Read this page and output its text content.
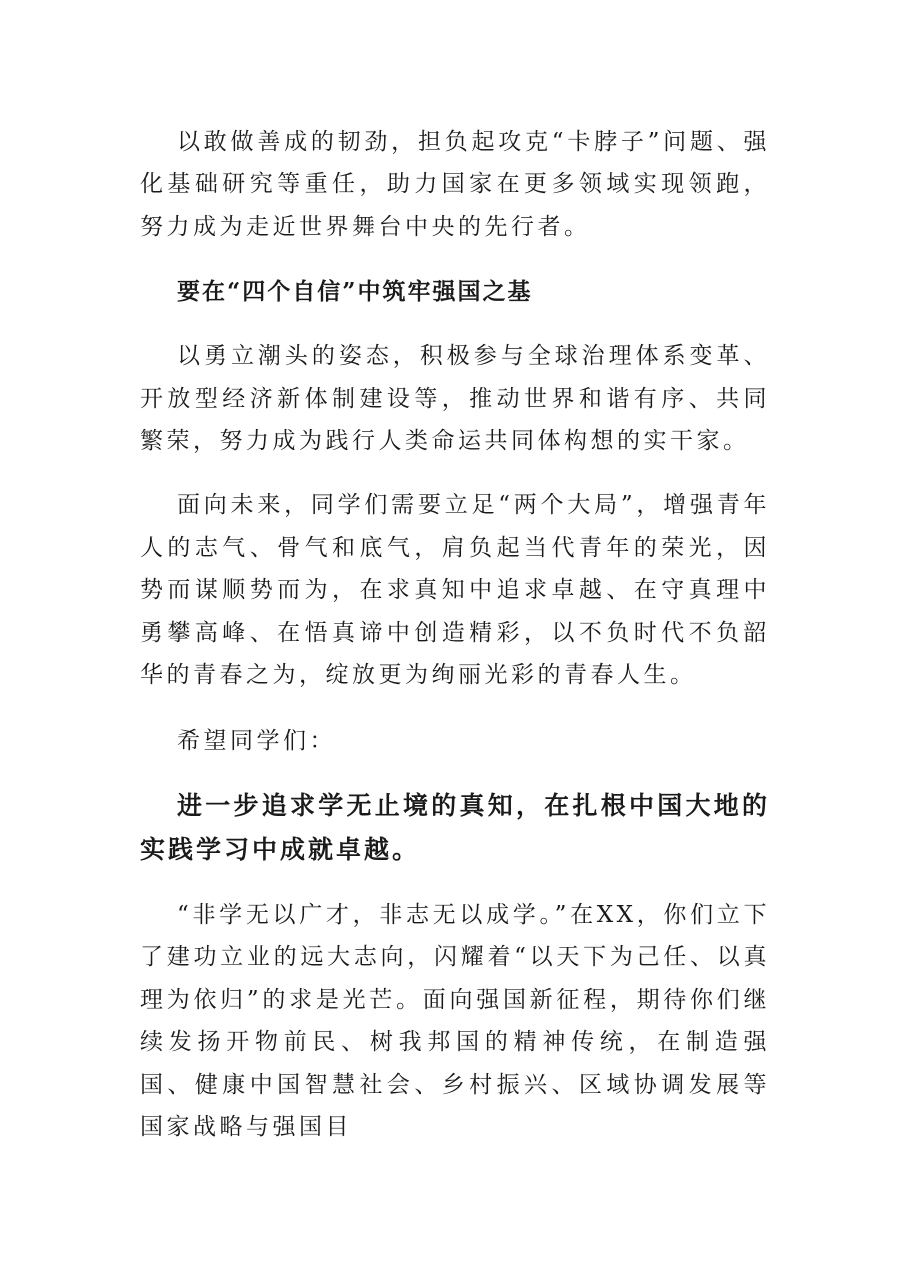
以敢做善成的韧劲，担负起攻克“卡脖子”问题、强化基础研究等重任，助力国家在更多领域实现领跑，努力成为走近世界舞台中央的先行者。

要在“四个自信”中筑牢强国之基

以勇立潮头的姿态，积极参与全球治理体系变革、开放型经济新体制建设等，推动世界和谐有序、共同繁荣，努力成为践行人类命运共同体构想的实干家。

面向未来，同学们需要立足“两个大局”，增强青年人的志气、骨气和底气，肩负起当代青年的荣光，因势而谋顺势而为，在求真知中追求卓越、在守真理中勇攀高峰、在悟真谛中创造精彩，以不负时代不负韶华的青春之为，绽放更为绚丽光彩的青春人生。

希望同学们：

进一步追求学无止境的真知，在扎根中国大地的实践学习中成就卓越。

“非学无以广才，非志无以成学。”在XX，你们立下了建功立业的远大志向，闪耀着“以天下为己任、以真理为依归”的求是光芒。面向强国新征程，期待你们继续发扬开物前民、树我邦国的精神传统，在制造强国、健康中国智慧社会、乡村振兴、区域协调发展等国家战略与强国目
